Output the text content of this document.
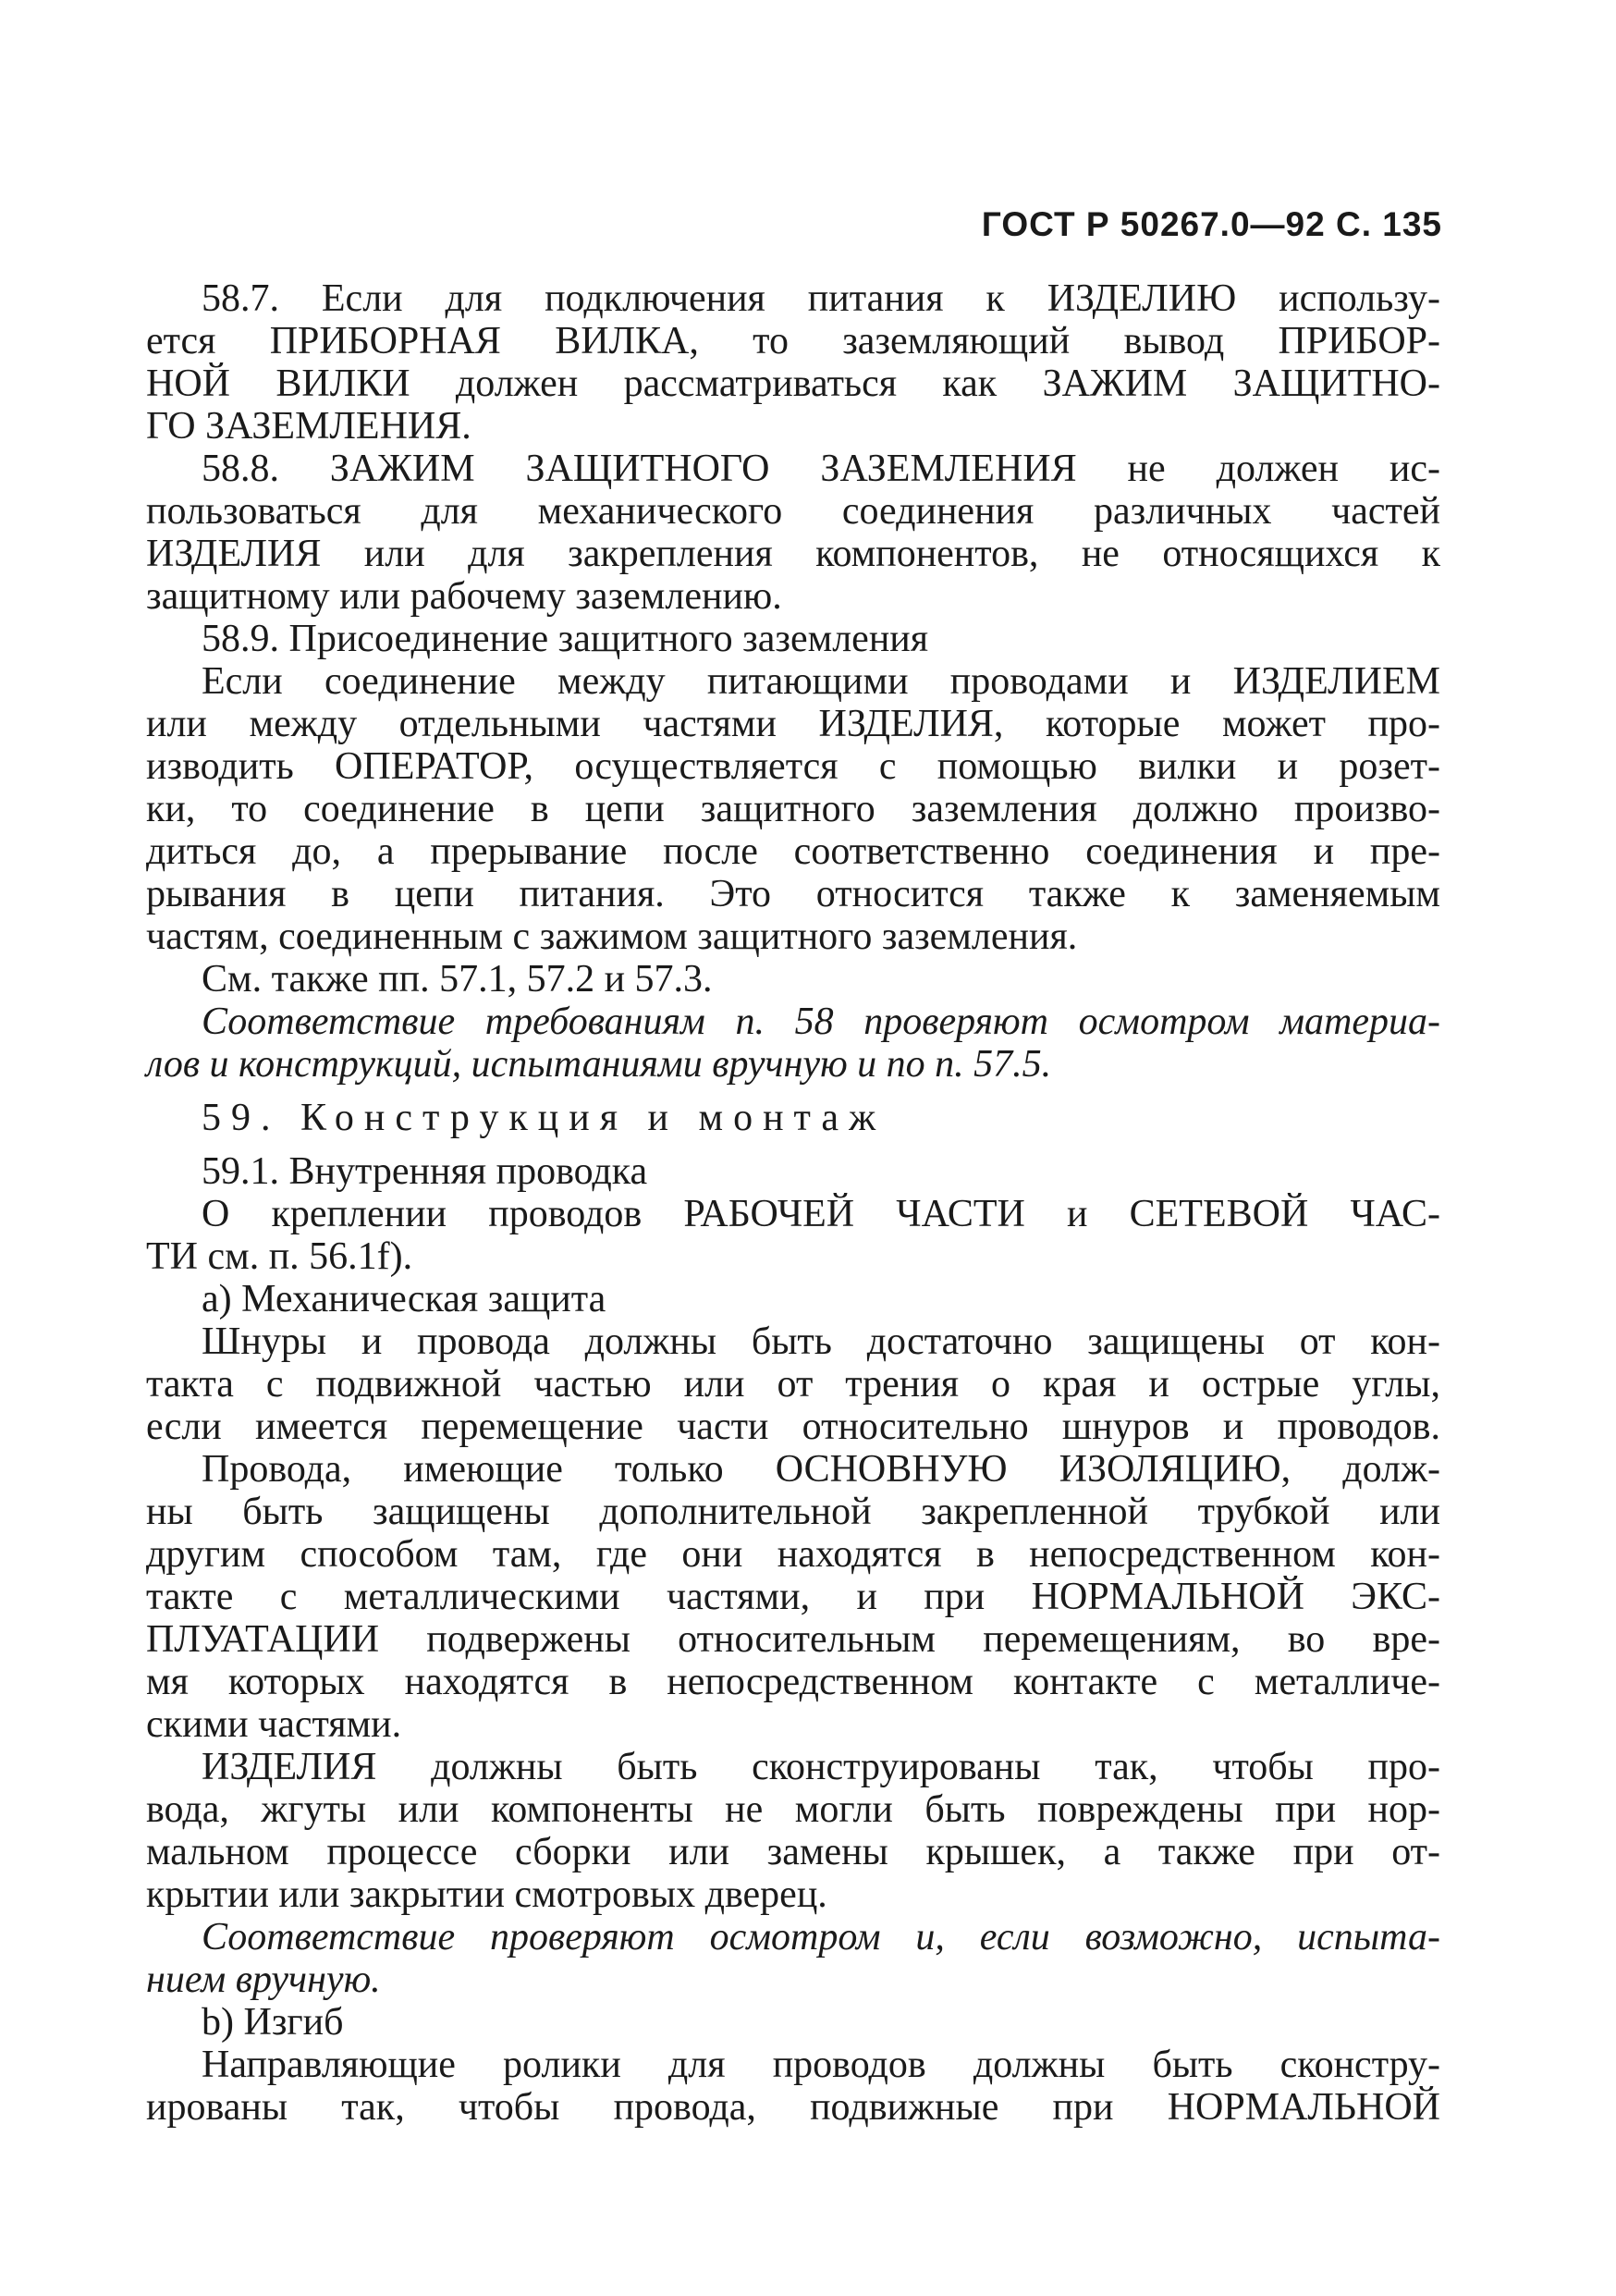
ГОСТ Р 50267.0—92 С. 135
58.7. Если для подключения питания к ИЗДЕЛИЮ использу-
ется ПРИБОРНАЯ ВИЛКА, то заземляющий вывод ПРИБОР-
НОЙ ВИЛКИ должен рассматриваться как ЗАЖИМ ЗАЩИТНО-
ГО ЗАЗЕМЛЕНИЯ.
58.8. ЗАЖИМ ЗАЩИТНОГО ЗАЗЕМЛЕНИЯ не должен ис-
пользоваться для механического соединения различных частей
ИЗДЕЛИЯ или для закрепления компонентов, не относящихся к
защитному или рабочему заземлению.
58.9. Присоединение защитного заземления
Если соединение между питающими проводами и ИЗДЕЛИЕМ
или между отдельными частями ИЗДЕЛИЯ, которые может про-
изводить ОПЕРАТОР, осуществляется с помощью вилки и розет-
ки, то соединение в цепи защитного заземления должно произво-
диться до, а прерывание после соответственно соединения и пре-
рывания в цепи питания. Это относится также к заменяемым
частям, соединенным с зажимом защитного заземления.
См. также пп. 57.1, 57.2 и 57.3.
Соответствие требованиям п. 58 проверяют осмотром материа-
лов и конструкций, испытаниями вручную и по п. 57.5.
59. Конструкция и монтаж
59.1. Внутренняя проводка
О креплении проводов РАБОЧЕЙ ЧАСТИ и СЕТЕВОЙ ЧАС-
ТИ см. п. 56.1f).
a) Механическая защита
Шнуры и провода должны быть достаточно защищены от кон-
такта с подвижной частью или от трения о края и острые углы,
если имеется перемещение части относительно шнуров и проводов.
Провода, имеющие только ОСНОВНУЮ ИЗОЛЯЦИЮ, долж-
ны быть защищены дополнительной закрепленной трубкой или
другим способом там, где они находятся в непосредственном кон-
такте с металлическими частями, и при НОРМАЛЬНОЙ ЭКС-
ПЛУАТАЦИИ подвержены относительным перемещениям, во вре-
мя которых находятся в непосредственном контакте с металличе-
скими частями.
ИЗДЕЛИЯ должны быть сконструированы так, чтобы про-
вода, жгуты или компоненты не могли быть повреждены при нор-
мальном процессе сборки или замены крышек, а также при от-
крытии или закрытии смотровых дверец.
Соответствие проверяют осмотром и, если возможно, испыта-
нием вручную.
b) Изгиб
Направляющие ролики для проводов должны быть сконстру-
ированы так, чтобы провода, подвижные при НОРМАЛЬНОЙ
